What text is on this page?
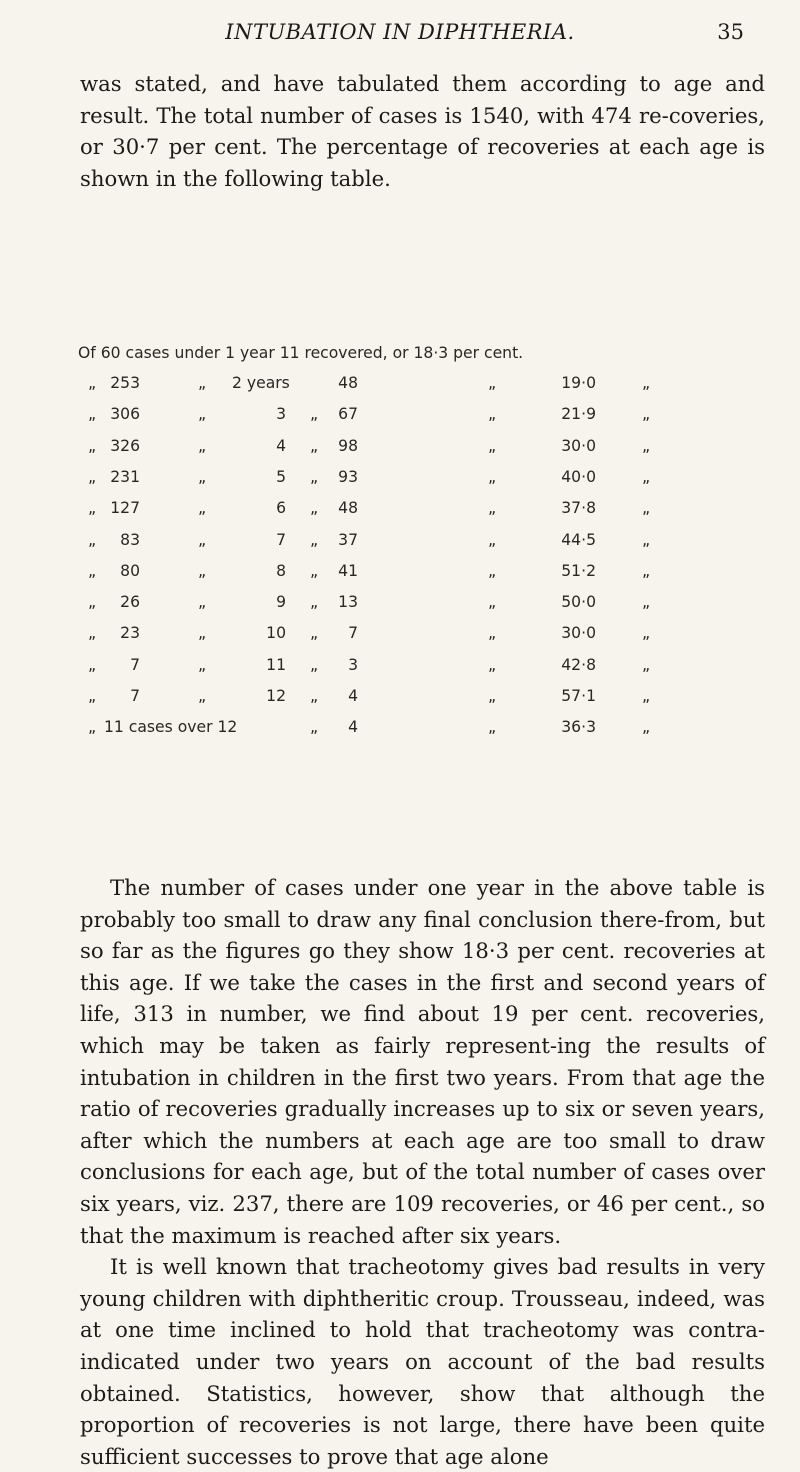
INTUBATION IN DIPHTHERIA.	35

was stated, and have tabulated them according to age and result. The total number of cases is 1540, with 474 re-coveries, or 30·7 per cent. The percentage of recoveries at each age is shown in the following table.

Of 60 cases under 1 year 11 recovered, or 18·3 per cent.
„ 253	„ 2 years	48	„	19·0	„
„ 306	„	3 „	67	„	21·9	„
„ 326	„	4 „	98	„	30·0	„
„ 231	„	5 „	93	„	40·0	„
„ 127	„	6 „	48	„	37·8	„
„	83	„	7 „	37	„	44·5	„
„	80	„	8 „	41	„	51·2	„
„	26	„	9 „	13	„	50·0	„
„	23	„	10 „	7	„	30·0	„
„	7	„	11 „	3	„	42·8	„
„	7	„	12 „	4	„	57·1	„
„ 11 cases over 12	„	4	„	36·3	„

The number of cases under one year in the above table is probably too small to draw any final conclusion there-from, but so far as the figures go they show 18·3 per cent. recoveries at this age. If we take the cases in the first and second years of life, 313 in number, we find about 19 per cent. recoveries, which may be taken as fairly represent-ing the results of intubation in children in the first two years. From that age the ratio of recoveries gradually increases up to six or seven years, after which the numbers at each age are too small to draw conclusions for each age, but of the total number of cases over six years, viz. 237, there are 109 recoveries, or 46 per cent., so that the maximum is reached after six years.

It is well known that tracheotomy gives bad results in very young children with diphtheritic croup. Trousseau, indeed, was at one time inclined to hold that tracheotomy was contra-indicated under two years on account of the bad results obtained. Statistics, however, show that although the proportion of recoveries is not large, there have been quite sufficient successes to prove that age alone
